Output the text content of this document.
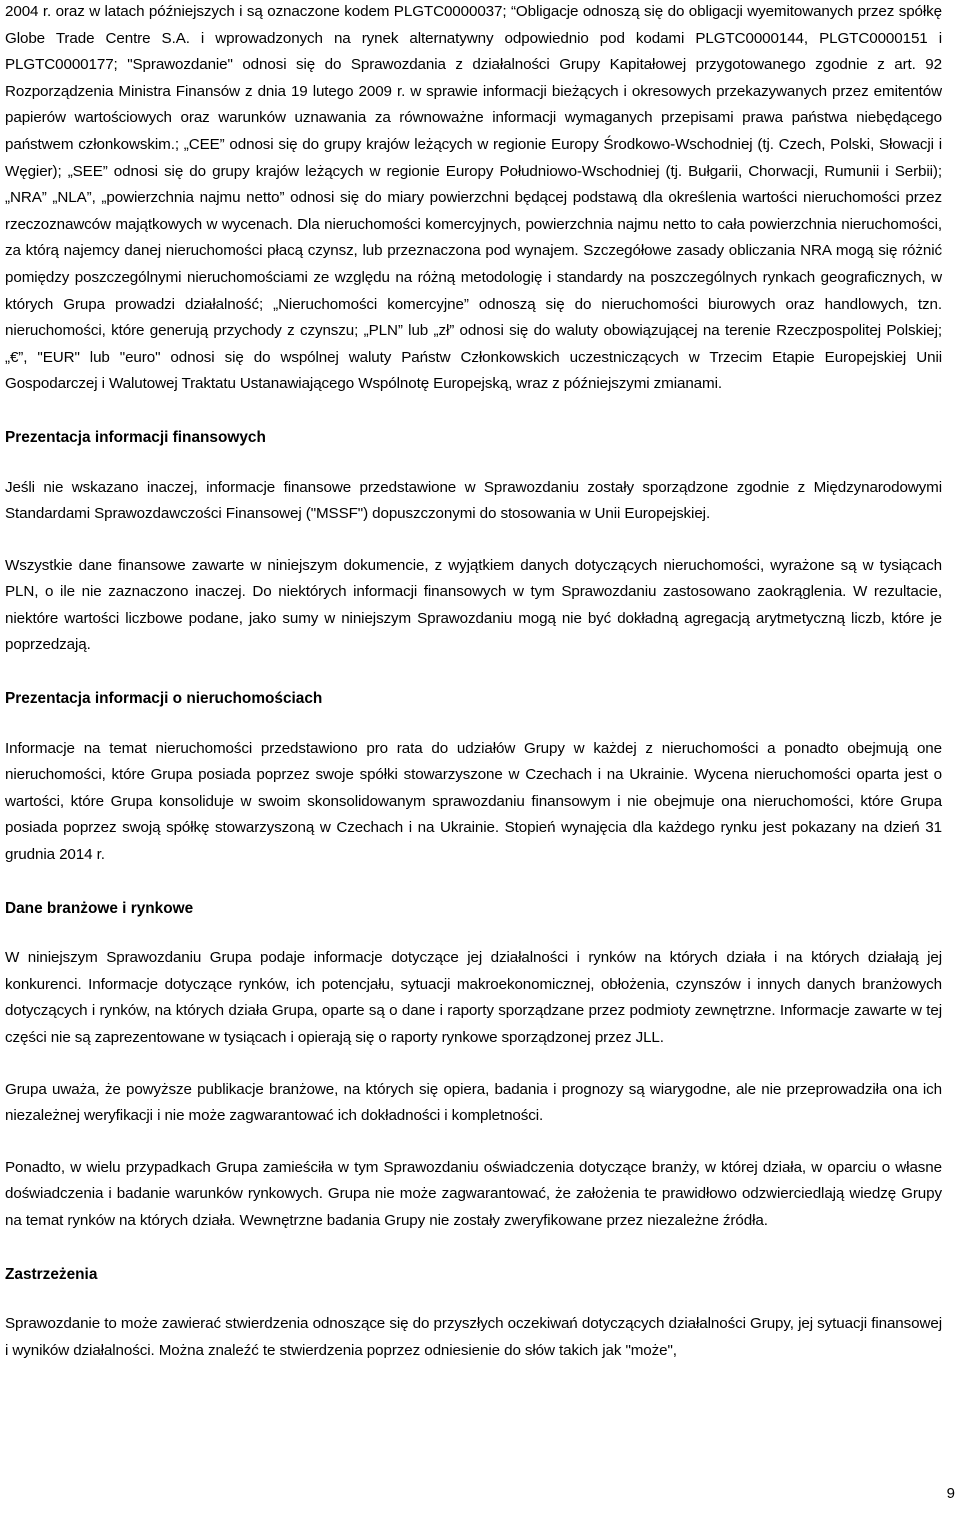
2004 r. oraz w latach późniejszych i są oznaczone kodem PLGTC0000037; “Obligacje odnoszą się do obligacji wyemitowanych przez spółkę Globe Trade Centre S.A. i wprowadzonych na rynek alternatywny odpowiednio pod kodami PLGTC0000144, PLGTC0000151 i PLGTC0000177; "Sprawozdanie" odnosi się do Sprawozdania z działalności Grupy Kapitałowej przygotowanego zgodnie z art. 92 Rozporządzenia Ministra Finansów z dnia 19 lutego 2009 r. w sprawie informacji bieżących i okresowych przekazywanych przez emitentów papierów wartościowych oraz warunków uznawania za równoważne informacji wymaganych przepisami prawa państwa niebędącego państwem członkowskim.; „CEE” odnosi się do grupy krajów leżących w regionie Europy Środkowo-Wschodniej (tj. Czech, Polski, Słowacji i Węgier); „SEE” odnosi się do grupy krajów leżących w regionie Europy Południowo-Wschodniej (tj. Bułgarii, Chorwacji, Rumunii i Serbii); „NRA” „NLA”, „powierzchnia najmu netto” odnosi się do miary powierzchni będącej podstawą dla określenia wartości nieruchomości przez rzeczoznawców majątkowych w wycenach. Dla nieruchomości komercyjnych, powierzchnia najmu netto to cała powierzchnia nieruchomości, za którą najemcy danej nieruchomości płacą czynsz, lub przeznaczona pod wynajem. Szczegółowe zasady obliczania NRA mogą się różnić pomiędzy poszczególnymi nieruchomościami ze względu na różną metodologię i standardy na poszczególnych rynkach geograficznych, w których Grupa prowadzi działalność; „Nieruchomości komercyjne” odnoszą się do nieruchomości biurowych oraz handlowych, tzn. nieruchomości, które generują przychody z czynszu; „PLN” lub „zł” odnosi się do waluty obowiązującej na terenie Rzeczpospolitej Polskiej; „€”, "EUR" lub "euro" odnosi się do wspólnej waluty Państw Członkowskich uczestniczących w Trzecim Etapie Europejskiej Unii Gospodarczej i Walutowej Traktatu Ustanawiającego Wspólnotę Europejską, wraz z późniejszymi zmianami.

Prezentacja informacji finansowych

Jeśli nie wskazano inaczej, informacje finansowe przedstawione w Sprawozdaniu zostały sporządzone zgodnie z Międzynarodowymi Standardami Sprawozdawczości Finansowej ("MSSF") dopuszczonymi do stosowania w Unii Europejskiej.

Wszystkie dane finansowe zawarte w niniejszym dokumencie, z wyjątkiem danych dotyczących nieruchomości, wyrażone są w tysiącach PLN, o ile nie zaznaczono inaczej. Do niektórych informacji finansowych w tym Sprawozdaniu zastosowano zaokrąglenia. W rezultacie, niektóre wartości liczbowe podane, jako sumy w niniejszym Sprawozdaniu mogą nie być dokładną agregacją arytmetyczną liczb, które je poprzedzają.

Prezentacja informacji o nieruchomościach

Informacje na temat nieruchomości przedstawiono pro rata do udziałów Grupy w każdej z nieruchomości a ponadto obejmują one nieruchomości, które Grupa posiada poprzez swoje spółki stowarzyszone w Czechach i na Ukrainie. Wycena nieruchomości oparta jest o wartości, które Grupa konsoliduje w swoim skonsolidowanym sprawozdaniu finansowym i nie obejmuje ona nieruchomości, które Grupa posiada poprzez swoją spółkę stowarzyszoną w Czechach i na Ukrainie. Stopień wynajęcia dla każdego rynku jest pokazany na dzień 31 grudnia 2014 r.

Dane branżowe i rynkowe

W niniejszym Sprawozdaniu Grupa podaje informacje dotyczące jej działalności i rynków na których działa i na których działają jej konkurenci. Informacje dotyczące rynków, ich potencjału, sytuacji makroekonomicznej, obłożenia, czynszów i innych danych branżowych dotyczących i rynków, na których działa Grupa, oparte są o dane i raporty sporządzane przez podmioty zewnętrzne. Informacje zawarte w tej części nie są zaprezentowane w tysiącach i opierają się o raporty rynkowe sporządzonej przez JLL.

Grupa uważa, że powyższe publikacje branżowe, na których się opiera, badania i prognozy są wiarygodne, ale nie przeprowadziła ona ich niezależnej weryfikacji i nie może zagwarantować ich dokładności i kompletności.

Ponadto, w wielu przypadkach Grupa zamieściła w tym Sprawozdaniu oświadczenia dotyczące branży, w której działa, w oparciu o własne doświadczenia i badanie warunków rynkowych. Grupa nie może zagwarantować, że założenia te prawidłowo odzwierciedlają wiedzę Grupy na temat rynków na których działa. Wewnętrzne badania Grupy nie zostały zweryfikowane przez niezależne źródła.

Zastrzeżenia

Sprawozdanie to może zawierać stwierdzenia odnoszące się do przyszłych oczekiwań dotyczących działalności Grupy, jej sytuacji finansowej i wyników działalności. Można znaleźć te stwierdzenia poprzez odniesienie do słów takich jak "może",

9
